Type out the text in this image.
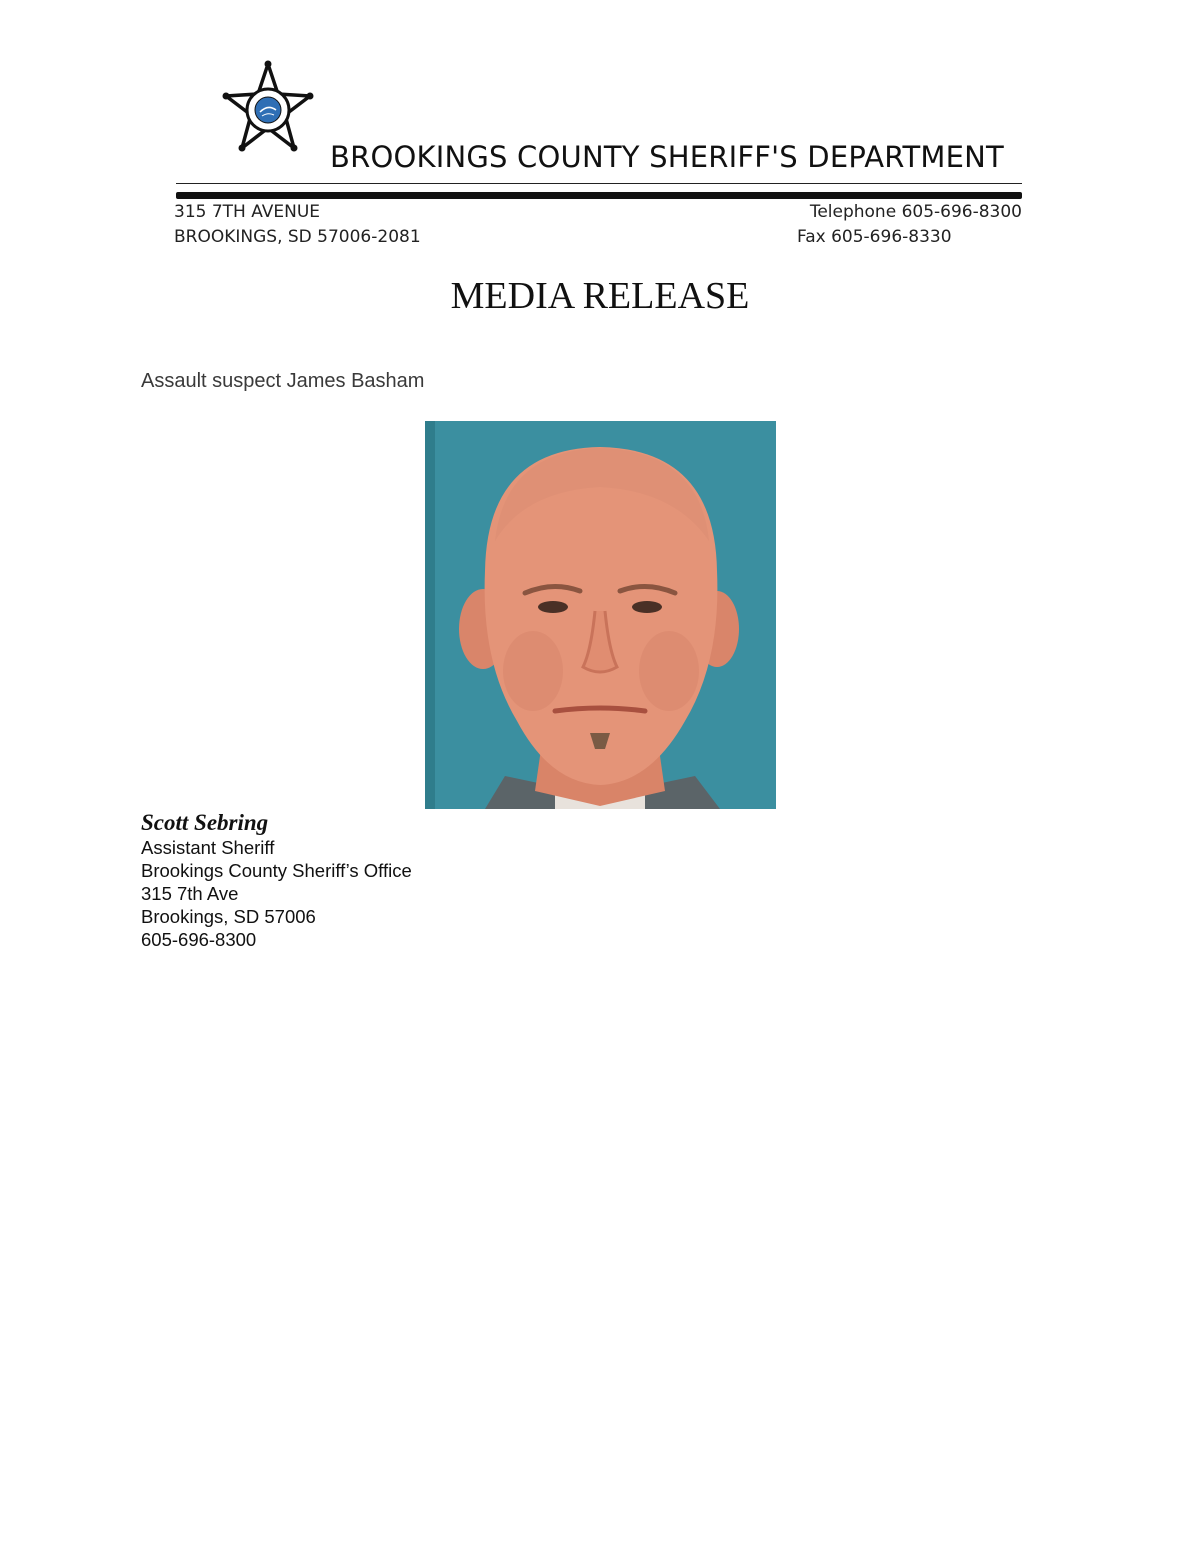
BROOKINGS COUNTY SHERIFF'S DEPARTMENT
315 7TH AVENUE
BROOKINGS, SD 57006-2081
Telephone 605-696-8300
Fax 605-696-8330
MEDIA RELEASE
Assault suspect James Basham
Scott Sebring
Assistant Sheriff
Brookings County Sheriff’s Office
315 7th Ave
Brookings, SD 57006
605-696-8300
